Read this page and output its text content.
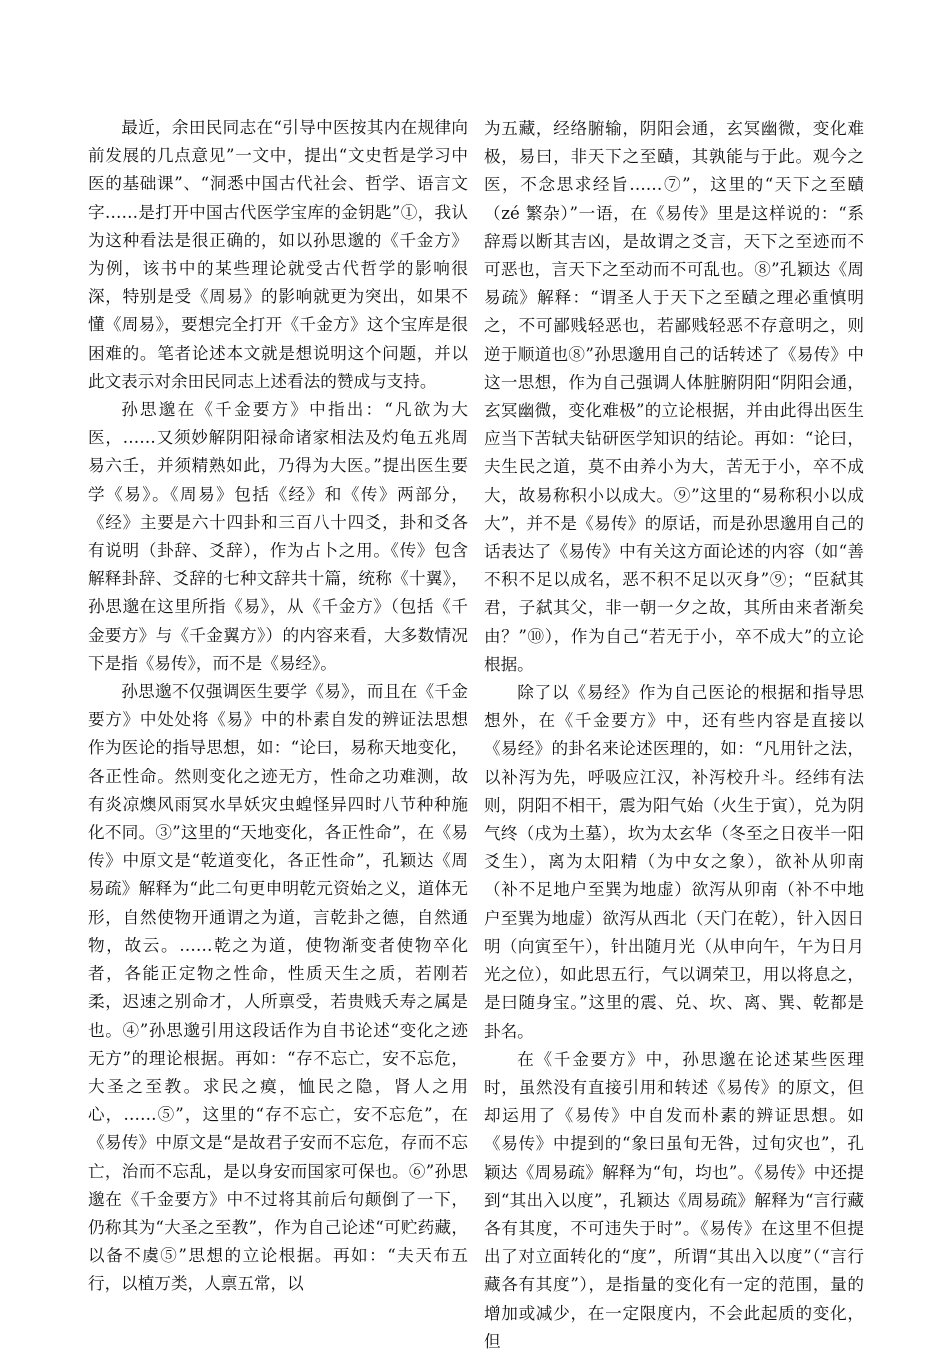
最近，余田民同志在“引导中医按其内在规律向前发展的几点意见”一文中，提出“文史哲是学习中医的基础课”、“洞悉中国古代社会、哲学、语言文字……是打开中国古代医学宝库的金钥匙”①，我认为这种看法是很正确的，如以孙思邈的《千金方》为例，该书中的某些理论就受古代哲学的影响很深，特别是受《周易》的影响就更为突出，如果不懂《周易》，要想完全打开《千金方》这个宝库是很困难的。笔者论述本文就是想说明这个问题，并以此文表示对余田民同志上述看法的赞成与支持。

孙思邈在《千金要方》中指出：“凡欲为大医，……又须妙解阴阳禄命诸家相法及灼龟五兆周易六壬，并须精熟如此，乃得为大医。”提出医生要学《易》。《周易》包括《经》和《传》两部分，《经》主要是六十四卦和三百八十四爻，卦和爻各有说明（卦辞、爻辞），作为占卜之用。《传》包含解释卦辞、爻辞的七种文辞共十篇，统称《十翼》，孙思邈在这里所指《易》，从《千金方》（包括《千金要方》与《千金翼方》）的内容来看，大多数情况下是指《易传》，而不是《易经》。

孙思邈不仅强调医生要学《易》，而且在《千金要方》中处处将《易》中的朴素自发的辨证法思想作为医论的指导思想，如：“论曰，易称天地变化，各正性命。然则变化之迹无方，性命之功难测，故有炎凉燠风雨冥水旱妖灾虫蝗怪异四时八节种种施化不同。③”这里的“天地变化，各正性命”，在《易传》中原文是“乾道变化，各正性命”，孔颖达《周易疏》解释为“此二句更申明乾元资始之义，道体无形，自然使物开通谓之为道，言乾卦之德，自然通物，故云。……乾之为道，使物渐变者使物卒化者，各能正定物之性命，性质天生之质，若刚若柔，迟速之别命才，人所禀受，若贵贱夭寿之属是也。④”孙思邈引用这段话作为自书论述“变化之迹无方”的理论根据。再如：“存不忘亡，安不忘危，大圣之至教。求民之瘼，恤民之隐，肾人之用心，……⑤”，这里的“存不忘亡，安不忘危”，在《易传》中原文是“是故君子安而不忘危，存而不忘亡，治而不忘乱，是以身安而国家可保也。⑥”孙思邈在《千金要方》中不过将其前后句颠倒了一下，仍称其为“大圣之至教”，作为自己论述“可贮药藏，以备不虞⑤”思想的立论根据。再如：“夫天布五行，以植万类，人禀五常，以

为五藏，经络腑输，阴阳会通，玄冥幽微，变化难极，易曰，非天下之至賾，其孰能与于此。观今之医，不念思求经旨……⑦”，这里的“天下之至賾（zé 繁杂）”一语，在《易传》里是这样说的：“系辞焉以断其吉凶，是故谓之爻言，天下之至迹而不可恶也，言天下之至动而不可乱也。⑧”孔颖达《周易疏》解释：“谓圣人于天下之至賾之理必重慎明之，不可鄙贱轻恶也，若鄙贱轻恶不存意明之，则逆于顺道也⑧”孙思邈用自己的话转述了《易传》中这一思想，作为自己强调人体脏腑阴阳“阴阳会通，玄冥幽微，变化难极”的立论根据，并由此得出医生应当下苦轼夫钻研医学知识的结论。再如：“论曰，夫生民之道，莫不由养小为大，苦无于小，卒不成大，故易称积小以成大。⑨”这里的“易称积小以成大”，并不是《易传》的原话，而是孙思邈用自己的话表达了《易传》中有关这方面论述的内容（如“善不积不足以成名，恶不积不足以灭身”⑨；“臣弑其君，子弑其父，非一朝一夕之故，其所由来者渐矣由？”⑩），作为自己“若无于小，卒不成大”的立论根据。

除了以《易经》作为自己医论的根据和指导思想外，在《千金要方》中，还有些内容是直接以《易经》的卦名来论述医理的，如：“凡用针之法，以补泻为先，呼吸应江汉，补泻校升斗。经纬有法则，阴阳不相干，震为阳气始（火生于寅），兑为阴气终（戌为土墓），坎为太玄华（冬至之日夜半一阳爻生），离为太阳精（为中女之象），欲补从卯南（补不足地户至巽为地虚）欲泻从卯南（补不中地户至巽为地虚）欲泻从西北（天门在乾），针入因日明（向寅至午），针出随月光（从申向午，午为日月光之位），如此思五行，气以调荣卫，用以将息之，是曰随身宝。”这里的震、兑、坎、离、巽、乾都是卦名。

在《千金要方》中，孙思邈在论述某些医理时，虽然没有直接引用和转述《易传》的原文，但却运用了《易传》中自发而朴素的辨证思想。如《易传》中提到的“象曰虽旬无咎，过旬灾也”，孔颖达《周易疏》解释为“旬，均也”。《易传》中还提到“其出入以度”，孔颖达《周易疏》解释为“言行藏各有其度，不可违失于时”。《易传》在这里不但提出了对立面转化的“度”，所谓“其出入以度”（“言行藏各有其度”），是指量的变化有一定的范围，量的增加或减少，在一定限度内，不会此起质的变化，但
